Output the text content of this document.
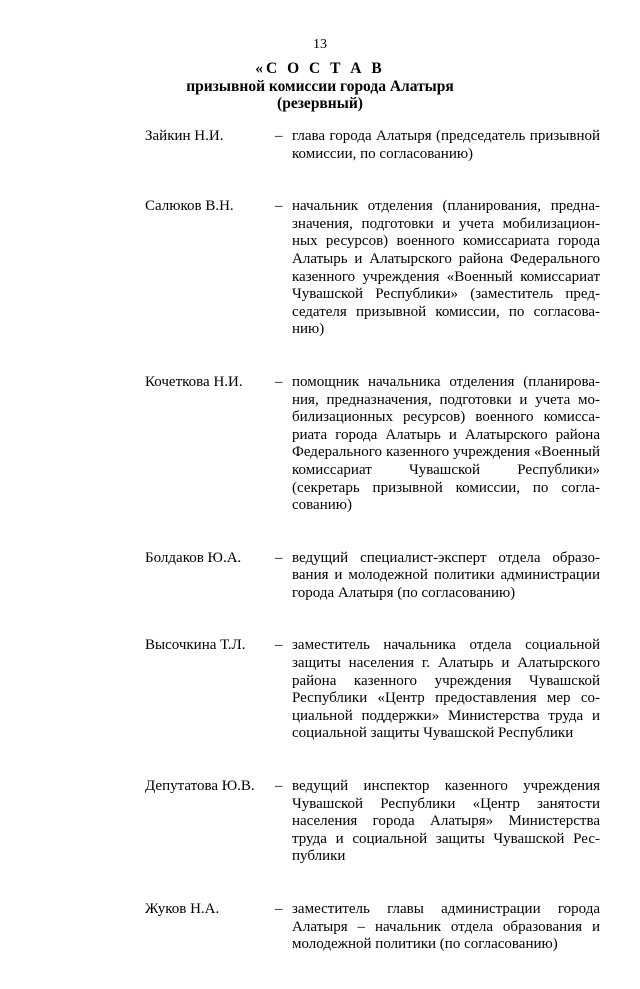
13
«С О С Т А В
призывной комиссии города Алатыря
(резервный)
Зайкин Н.И.	– глава города Алатыря (председатель призывной комиссии, по согласованию)
Салюков В.Н.	– начальник отделения (планирования, предназначения, подготовки и учета мобилизационных ресурсов) военного комиссариата города Алатырь и Алатырского района Федерального казенного учреждения «Военный комиссариат Чувашской Республики» (заместитель председателя призывной комиссии, по согласованию)
Кочеткова Н.И.	– помощник начальника отделения (планирования, предназначения, подготовки и учета мобилизационных ресурсов) военного комиссариата города Алатырь и Алатырского района Федерального казенного учреждения «Военный комиссариат Чувашской Республики» (секретарь призывной комиссии, по согласованию)
Болдаков Ю.А.	– ведущий специалист-эксперт отдела образования и молодежной политики администрации города Алатыря (по согласованию)
Высочкина Т.Л.	– заместитель начальника отдела социальной защиты населения г. Алатырь и Алатырского района казенного учреждения Чувашской Республики «Центр предоставления мер социальной поддержки» Министерства труда и социальной защиты Чувашской Республики
Депутатова Ю.В.	– ведущий инспектор казенного учреждения Чувашской Республики «Центр занятости населения города Алатыря» Министерства труда и социальной защиты Чувашской Республики
Жуков Н.А.	– заместитель главы администрации города Алатыря – начальник отдела образования и молодежной политики (по согласованию)
